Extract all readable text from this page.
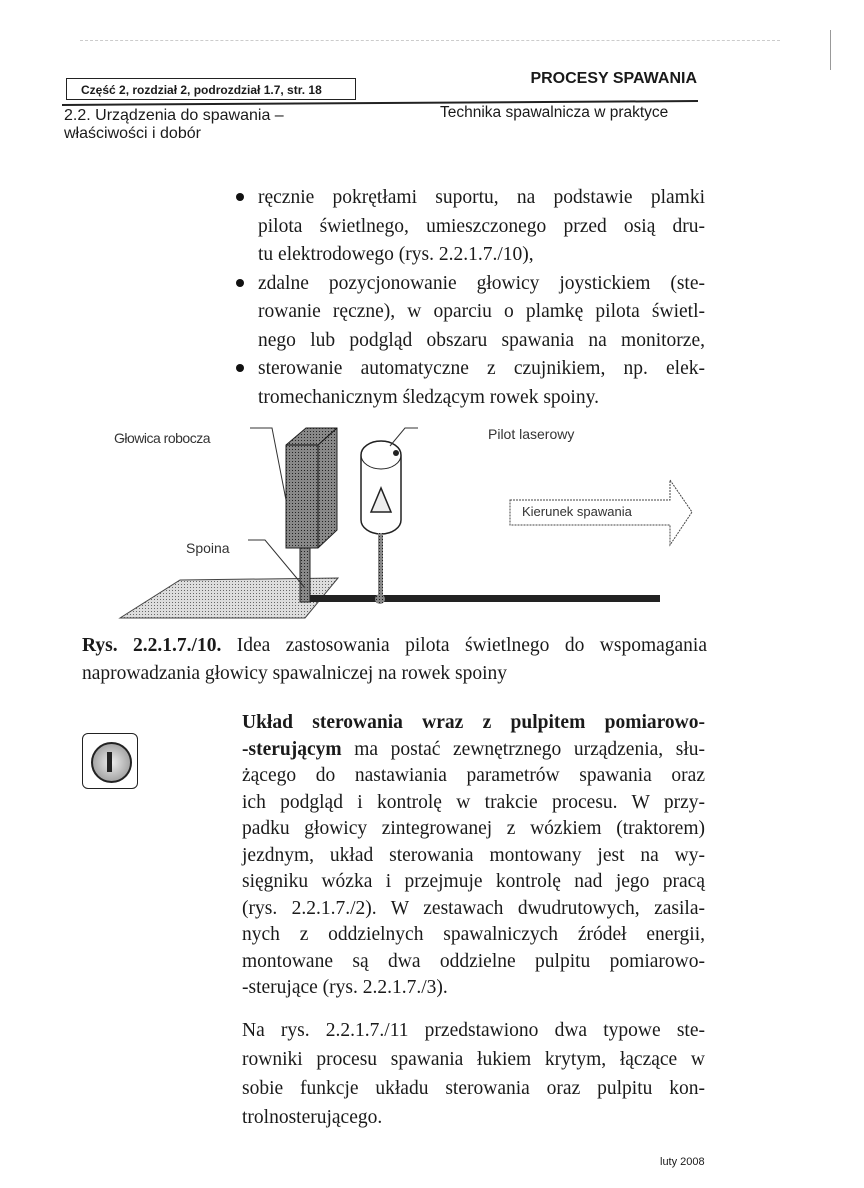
Część 2, rozdział 2, podrozdział 1.7, str. 18
PROCESY SPAWANIA
2.2. Urządzenia do spawania –
właściwości i dobór
Technika spawalnicza w praktyce
ręcznie pokrętłami suportu, na podstawie plamki
pilota świetlnego, umieszczonego przed osią dru-
tu elektrodowego (rys. 2.2.1.7./10),
zdalne pozycjonowanie głowicy joystickiem (ste-
rowanie ręczne), w oparciu o plamkę pilota świetl-
nego lub podgląd obszaru spawania na monitorze,
sterowanie automatyczne z czujnikiem, np. elek-
tromechanicznym śledzącym rowek spoiny.
Głowica robocza	Pilot laserowy
Spoina
Kierunek spawania
Rys. 2.2.1.7./10. Idea zastosowania pilota świetlnego do wspomagania
naprowadzania głowicy spawalniczej na rowek spoiny
Układ sterowania wraz z pulpitem pomiarowo-
-sterującym ma postać zewnętrznego urządzenia, słu-
żącego do nastawiania parametrów spawania oraz
ich podgląd i kontrolę w trakcie procesu. W przy-
padku głowicy zintegrowanej z wózkiem (traktorem)
jezdnym, układ sterowania montowany jest na wy-
sięgniku wózka i przejmuje kontrolę nad jego pracą
(rys. 2.2.1.7./2). W zestawach dwudrutowych, zasila-
nych z oddzielnych spawalniczych źródeł energii,
montowane są dwa oddzielne pulpitu pomiarowo-
-sterujące (rys. 2.2.1.7./3).
Na rys. 2.2.1.7./11 przedstawiono dwa typowe ste-
rowniki procesu spawania łukiem krytym, łączące w
sobie funkcje układu sterowania oraz pulpitu kon-
trolnosterującego.
luty 2008
